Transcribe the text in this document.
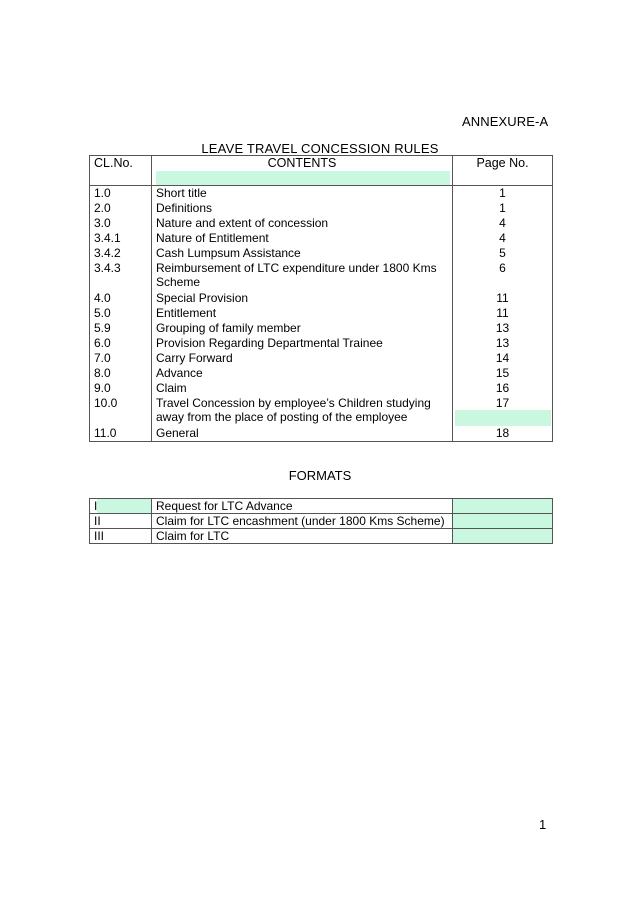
ANNEXURE-A
LEAVE TRAVEL CONCESSION RULES
CL.No.	CONTENTS	Page No.
1.0	Short title	1
2.0	Definitions	1
3.0	Nature and extent of concession	4
3.4.1	Nature of Entitlement	4
3.4.2	Cash Lumpsum Assistance	5
3.4.3	Reimbursement of LTC expenditure under 1800 Kms Scheme	6
4.0	Special Provision	11
5.0	Entitlement	11
5.9	Grouping of family member	13
6.0	Provision Regarding Departmental Trainee	13
7.0	Carry Forward	14
8.0	Advance	15
9.0	Claim	16
10.0	Travel Concession by employee’s Children studying away from the place of posting of the employee	17

11.0	General	18
FORMATS
I	Request for LTC Advance	
II	Claim for LTC encashment (under 1800 Kms Scheme)	
III	Claim for LTC	
1
